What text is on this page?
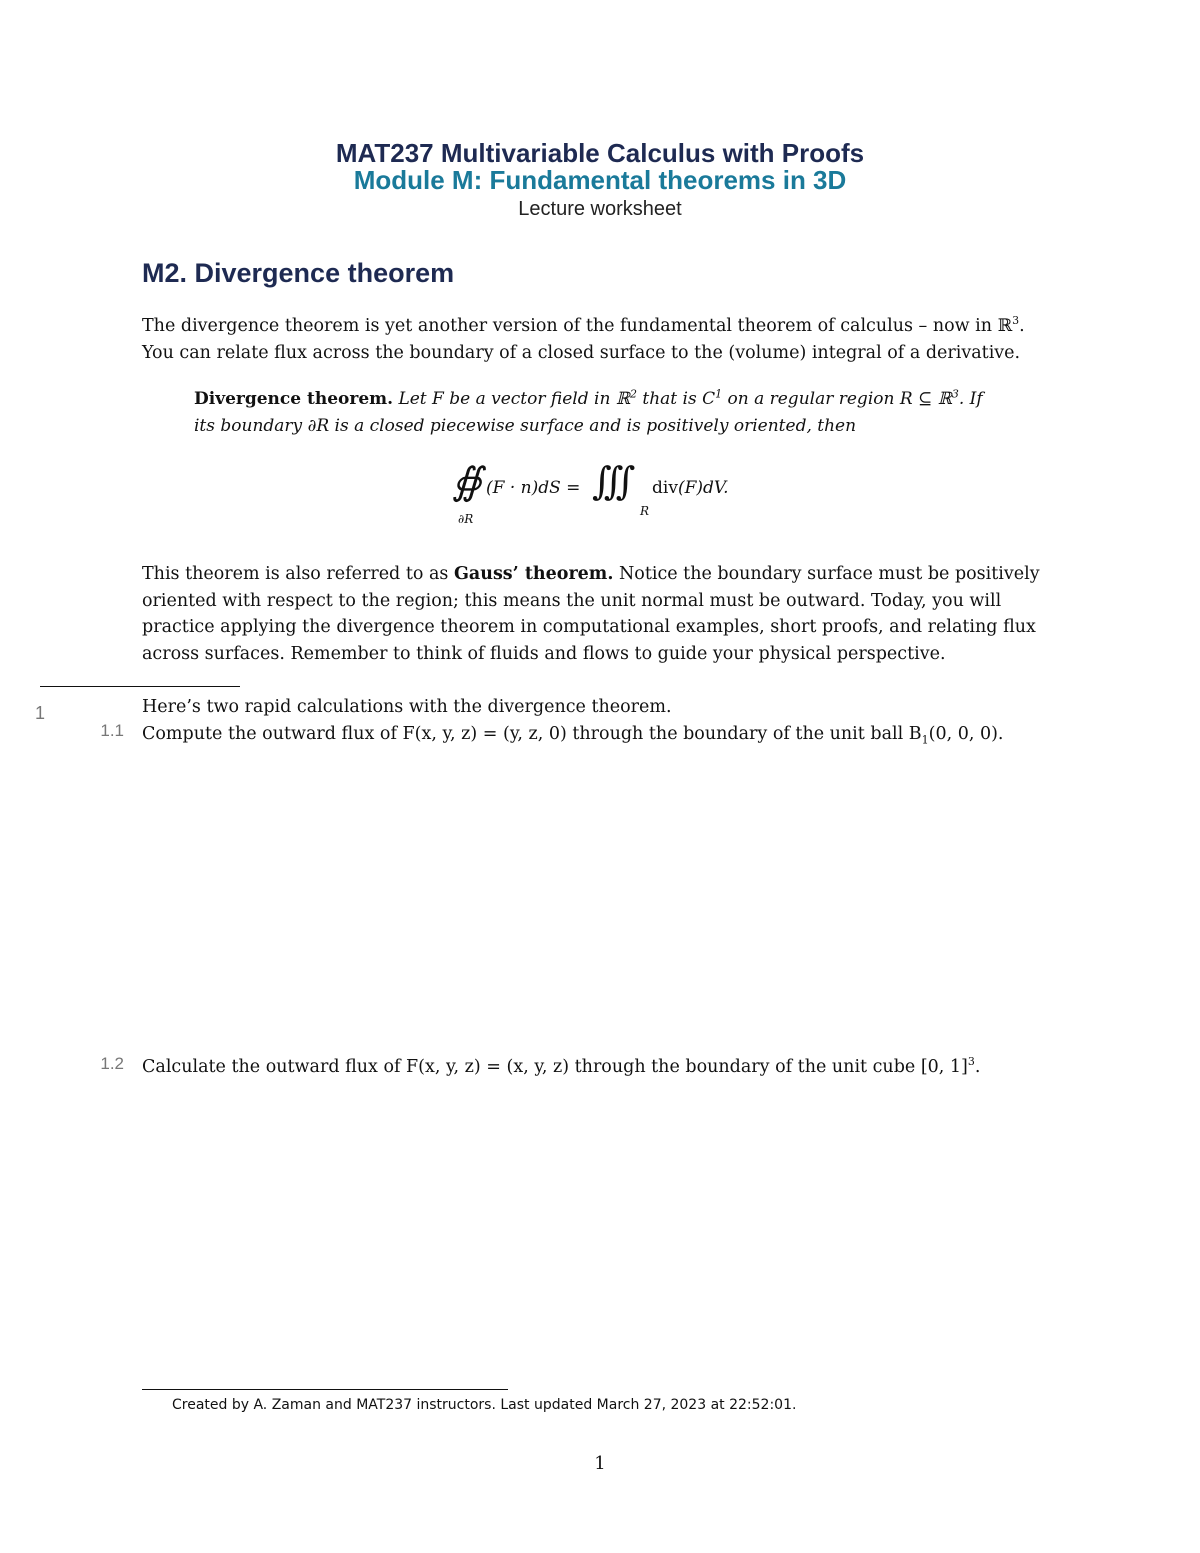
MAT237 Multivariable Calculus with Proofs
Module M: Fundamental theorems in 3D
Lecture worksheet
M2. Divergence theorem
The divergence theorem is yet another version of the fundamental theorem of calculus – now in ℝ$^3$.
You can relate flux across the boundary of a closed surface to the (volume) integral of a derivative.
Divergence theorem. Let F be a vector field in ℝ$^2$ that is $C^1$ on a regular region R ⊆ ℝ$^3$. If
its boundary ∂R is a closed piecewise surface and is positively oriented, then
∯
∂R
(F · n)dS = ∫∫∫
R
div(F)dV.
This theorem is also referred to as Gauss’ theorem. Notice the boundary surface must be positively
oriented with respect to the region; this means the unit normal must be outward. Today, you will
practice applying the divergence theorem in computational examples, short proofs, and relating flux
across surfaces. Remember to think of fluids and flows to guide your physical perspective.
1	Here’s two rapid calculations with the divergence theorem.
1.1 Compute the outward flux of F(x, y, z) = (y, z, 0) through the boundary of the unit ball $B_1(0$, 0, 0).
1.2 Calculate the outward flux of F(x, y, z) = (x, y, z) through the boundary of the unit cube [0, 1]$^3$.
Created by A. Zaman and MAT237 instructors. Last updated March 27, 2023 at 22:52:01.
1
